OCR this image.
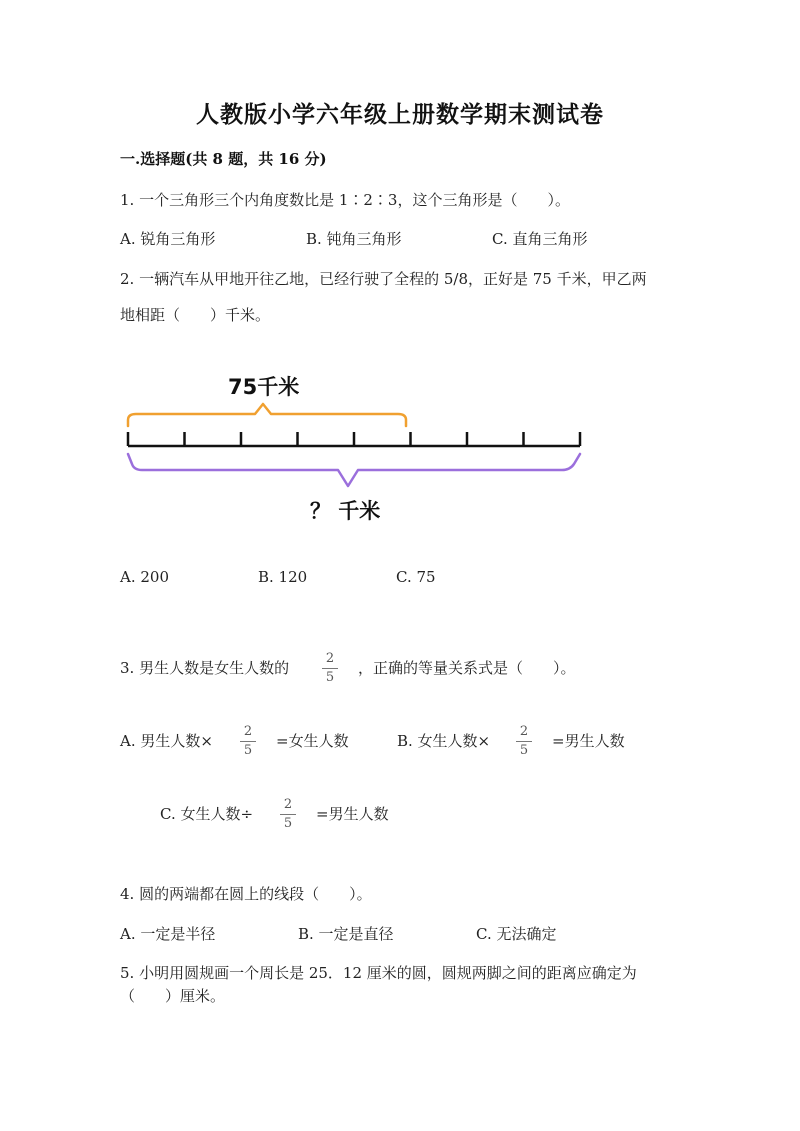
人教版小学六年级上册数学期末测试卷
一.选择题(共 8 题，共 16 分)
1. 一个三角形三个内角度数比是 1∶2∶3，这个三角形是（　　）。
A. 锐角三角形	B. 钝角三角形	C. 直角三角形
2. 一辆汽车从甲地开往乙地，已经行驶了全程的 5/8，正好是 75 千米，甲乙两
地相距（　　）千米。
75千米
？ 千米
A. 200	B. 120	C. 75
3. 男生人数是女生人数的
2
5
，正确的等量关系式是（　　）。
A. 男生人数×
2
5
=女生人数	B. 女生人数×
2
5
=男生人数
C. 女生人数÷
2
5
=男生人数
4. 圆的两端都在圆上的线段（　　）。
A. 一定是半径	B. 一定是直径	C. 无法确定
5. 小明用圆规画一个周长是 25．12 厘米的圆，圆规两脚之间的距离应确定为
（　　）厘米。
